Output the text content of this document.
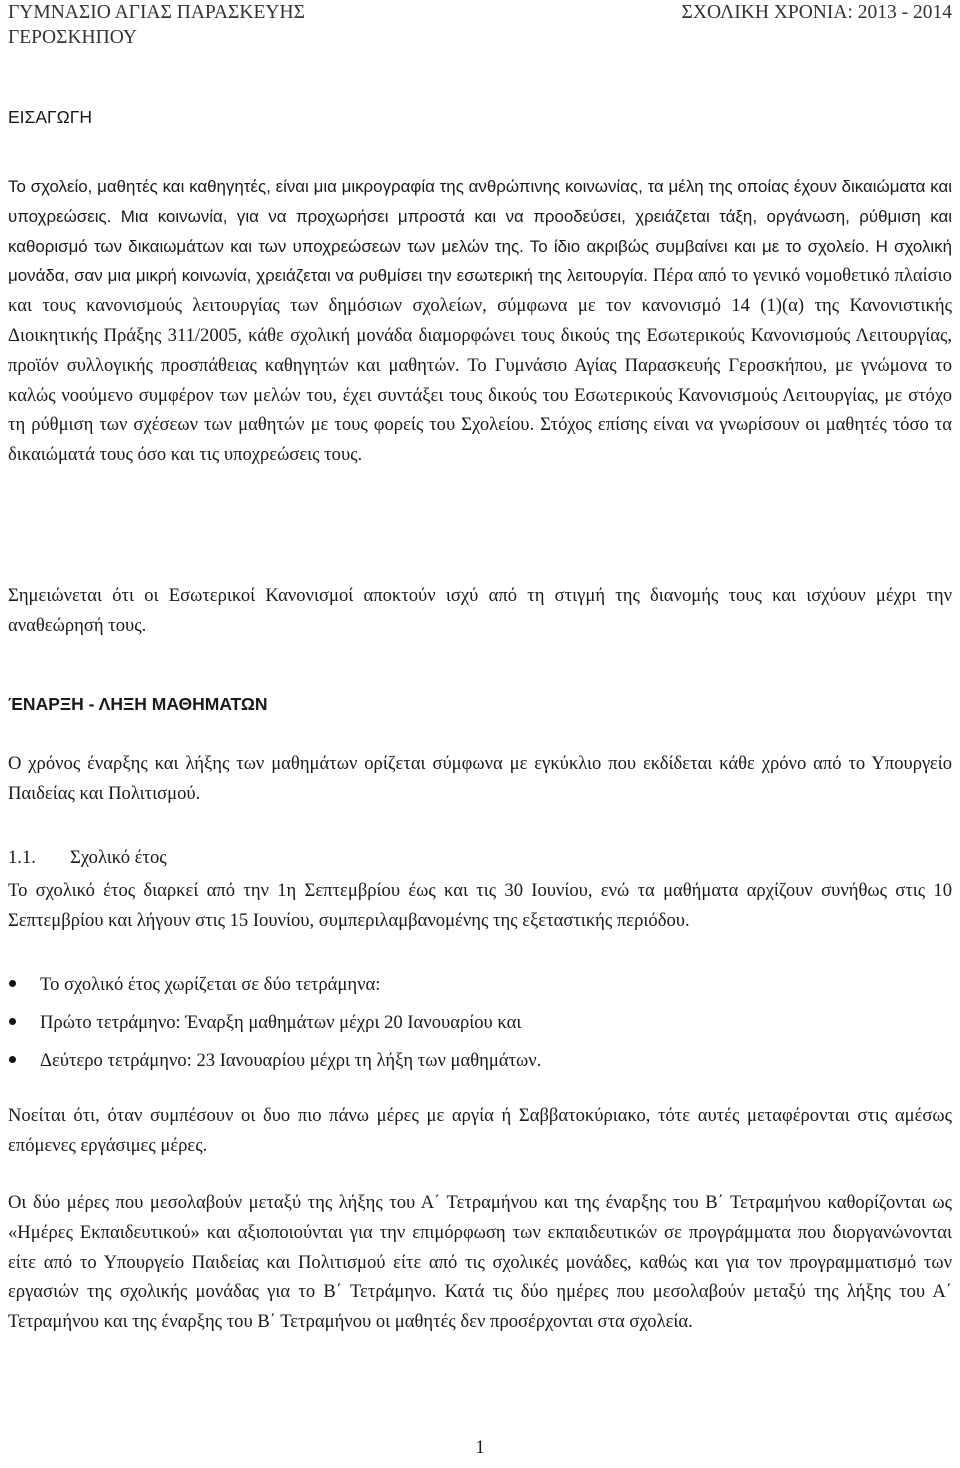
ΓΥΜΝΑΣΙΟ ΑΓΙΑΣ ΠΑΡΑΣΚΕΥΗΣ
ΓΕΡΟΣΚΗΠΟΥ
ΣΧΟΛΙΚΗ ΧΡΟΝΙΑ: 2013 - 2014
ΕΙΣΑΓΩΓΗ

Το σχολείο, μαθητές και καθηγητές, είναι μια μικρογραφία της ανθρώπινης κοινωνίας, τα μέλη της οποίας έχουν δικαιώματα και υποχρεώσεις. Μια κοινωνία, για να προχωρήσει μπροστά και να προοδεύσει, χρειάζεται τάξη, οργάνωση, ρύθμιση και καθορισμό των δικαιωμάτων και των υποχρεώσεων των μελών της. Το ίδιο ακριβώς συμβαίνει και με το σχολείο. Η σχολική μονάδα, σαν μια μικρή κοινωνία, χρειάζεται να ρυθμίσει την εσωτερική της λειτουργία. Πέρα από το γενικό νομοθετικό πλαίσιο και τους κανονισμούς λειτουργίας των δημόσιων σχολείων, σύμφωνα με τον κανονισμό 14 (1)(α) της Κανονιστικής Διοικητικής Πράξης 311/2005, κάθε σχολική μονάδα διαμορφώνει τους δικούς της Εσωτερικούς Κανονισμούς Λειτουργίας, προϊόν συλλογικής προσπάθειας καθηγητών και μαθητών. Το Γυμνάσιο Αγίας Παρασκευής Γεροσκήπου, με γνώμονα το καλώς νοούμενο συμφέρον των μελών του, έχει συντάξει τους δικούς του Εσωτερικούς Κανονισμούς Λειτουργίας, με στόχο τη ρύθμιση των σχέσεων των μαθητών με τους φορείς του Σχολείου. Στόχος επίσης είναι να γνωρίσουν οι μαθητές τόσο τα δικαιώματά τους όσο και τις υποχρεώσεις τους.

Σημειώνεται ότι οι Εσωτερικοί Κανονισμοί αποκτούν ισχύ από τη στιγμή της διανομής τους και ισχύουν μέχρι την αναθεώρησή τους.

ΈΝΑΡΞΗ - ΛΗΞΗ ΜΑΘΗΜΑΤΩΝ

Ο χρόνος έναρξης και λήξης των μαθημάτων ορίζεται σύμφωνα με εγκύκλιο που εκδίδεται κάθε χρόνο από το Υπουργείο Παιδείας και Πολιτισμού.

1.1. Σχολικό έτος

Το σχολικό έτος διαρκεί από την 1η Σεπτεμβρίου έως και τις 30 Ιουνίου, ενώ τα μαθήματα αρχίζουν συνήθως στις 10 Σεπτεμβρίου και λήγουν στις 15 Ιουνίου, συμπεριλαμβανομένης της εξεταστικής περιόδου.

Το σχολικό έτος χωρίζεται σε δύο τετράμηνα:
Πρώτο τετράμηνο: Έναρξη μαθημάτων μέχρι 20 Ιανουαρίου και
Δεύτερο τετράμηνο: 23 Ιανουαρίου μέχρι τη λήξη των μαθημάτων.

Νοείται ότι, όταν συμπέσουν οι δυο πιο πάνω μέρες με αργία ή Σαββατοκύριακο, τότε αυτές μεταφέρονται στις αμέσως επόμενες εργάσιμες μέρες.

Οι δύο μέρες που μεσολαβούν μεταξύ της λήξης του Α΄ Τετραμήνου και της έναρξης του Β΄ Τετραμήνου καθορίζονται ως «Ημέρες Εκπαιδευτικού» και αξιοποιούνται για την επιμόρφωση των εκπαιδευτικών σε προγράμματα που διοργανώνονται είτε από το Υπουργείο Παιδείας και Πολιτισμού είτε από τις σχολικές μονάδες, καθώς και για τον προγραμματισμό των εργασιών της σχολικής μονάδας για το Β΄ Τετράμηνο. Κατά τις δύο ημέρες που μεσολαβούν μεταξύ της λήξης του Α΄ Τετραμήνου και της έναρξης του Β΄ Τετραμήνου οι μαθητές δεν προσέρχονται στα σχολεία.

1
